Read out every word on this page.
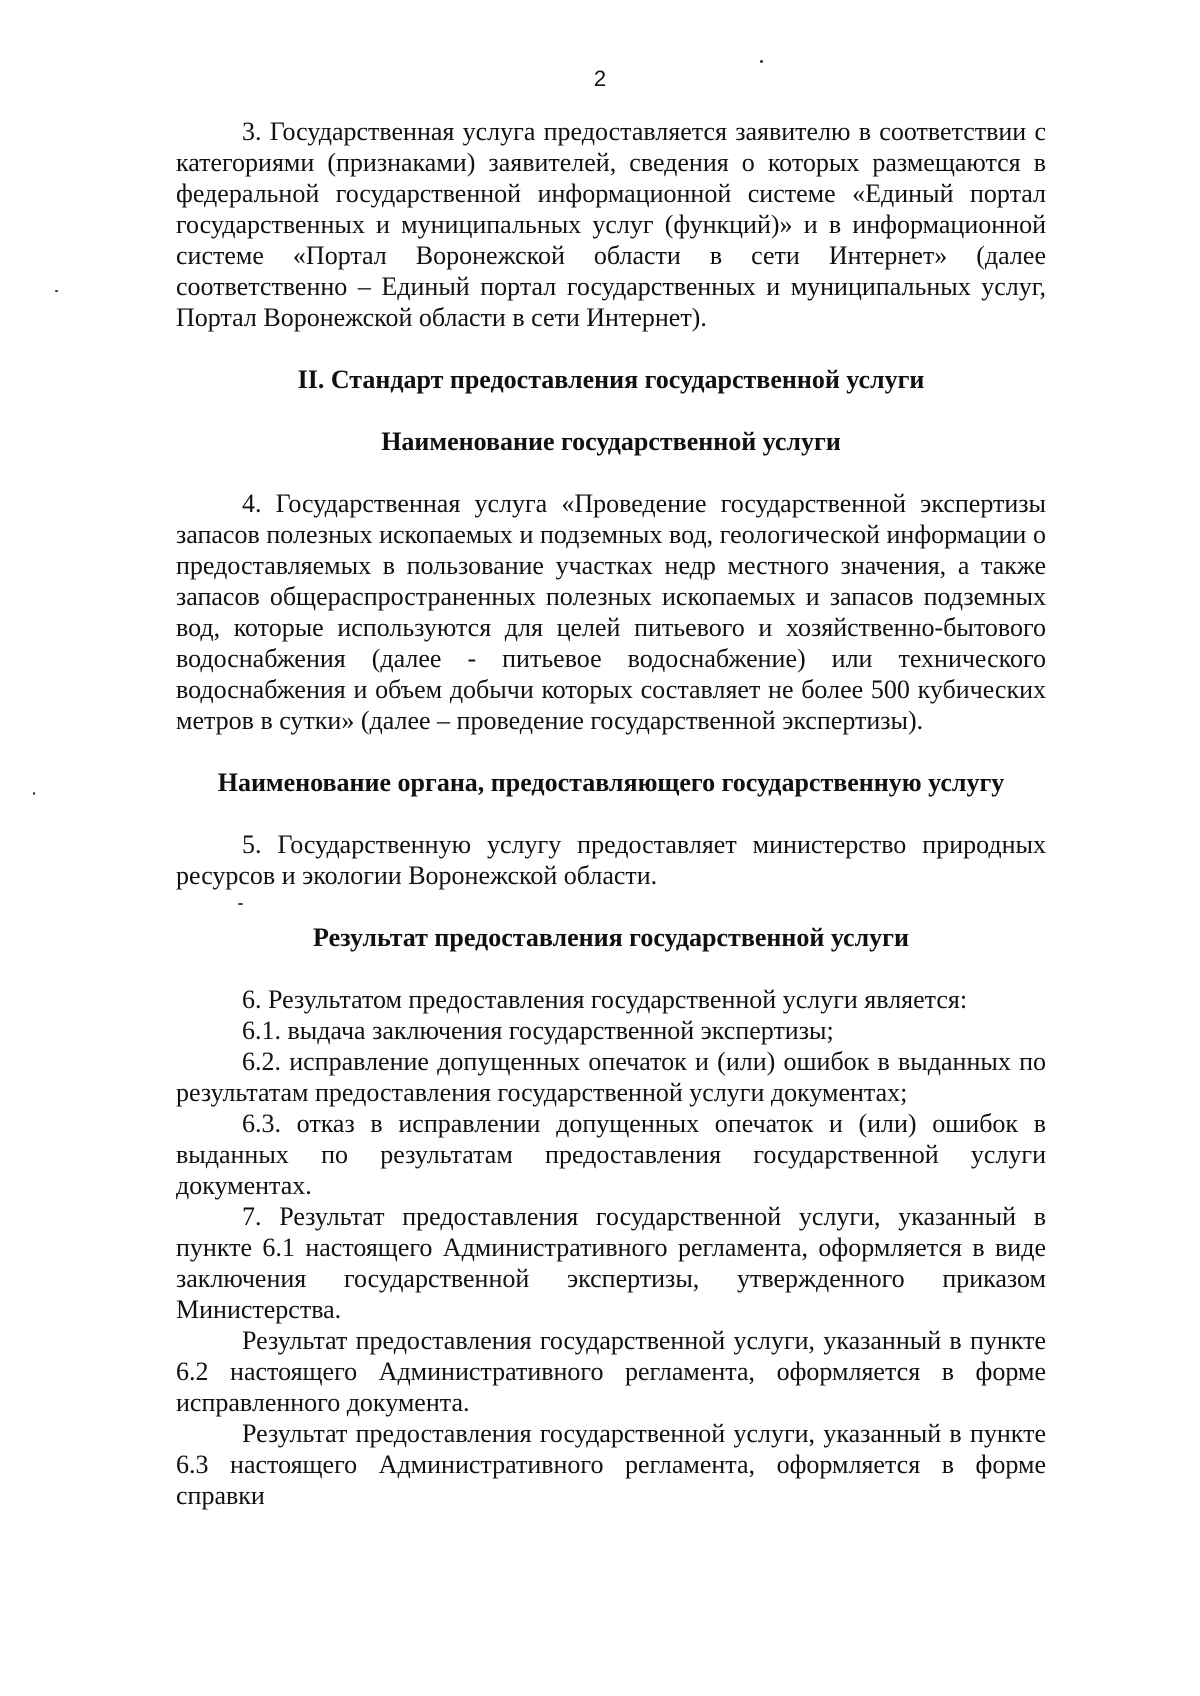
2

3. Государственная услуга предоставляется заявителю в соответствии с категориями (признаками) заявителей, сведения о которых размещаются в федеральной государственной информационной системе «Единый портал государственных и муниципальных услуг (функций)» и в информационной системе «Портал Воронежской области в сети Интернет» (далее соответственно – Единый портал государственных и муниципальных услуг, Портал Воронежской области в сети Интернет).

II. Стандарт предоставления государственной услуги
Наименование государственной услуги

4. Государственная услуга «Проведение государственной экспертизы запасов полезных ископаемых и подземных вод, геологической информации о предоставляемых в пользование участках недр местного значения, а также запасов общераспространенных полезных ископаемых и запасов подземных вод, которые используются для целей питьевого и хозяйственно-бытового водоснабжения (далее - питьевое водоснабжение) или технического водоснабжения и объем добычи которых составляет не более 500 кубических метров в сутки» (далее – проведение государственной экспертизы).

Наименование органа, предоставляющего государственную услугу

5. Государственную услугу предоставляет министерство природных ресурсов и экологии Воронежской области.

Результат предоставления государственной услуги

6. Результатом предоставления государственной услуги является:

6.1. выдача заключения государственной экспертизы;

6.2. исправление допущенных опечаток и (или) ошибок в выданных по результатам предоставления государственной услуги документах;

6.3. отказ в исправлении допущенных опечаток и (или) ошибок в выданных по результатам предоставления государственной услуги документах.

7. Результат предоставления государственной услуги, указанный в пункте 6.1 настоящего Административного регламента, оформляется в виде заключения государственной экспертизы, утвержденного приказом Министерства.

Результат предоставления государственной услуги, указанный в пункте 6.2 настоящего Административного регламента, оформляется в форме исправленного документа.

Результат предоставления государственной услуги, указанный в пункте 6.3 настоящего Административного регламента, оформляется в форме справки
